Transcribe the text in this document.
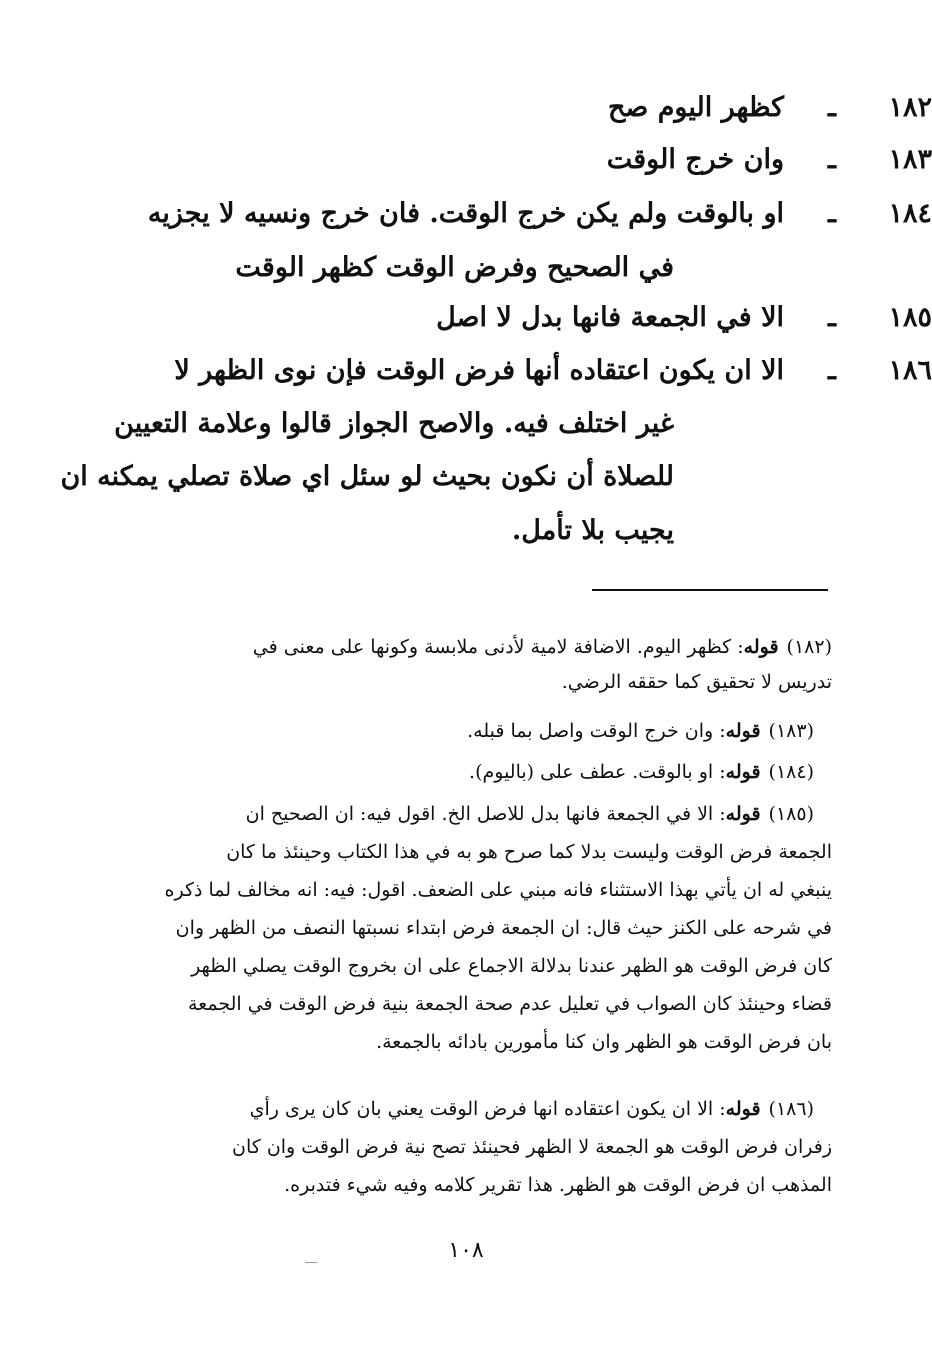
١٨٢
ـ
كظهر اليوم صح
١٨٣
ـ
وان خرج الوقت
١٨٤
ـ
او بالوقت ولم يكن خرج الوقت. فان خرج ونسيه لا يجزيه
في الصحيح وفرض الوقت كظهر الوقت
١٨٥
ـ
الا في الجمعة فانها بدل لا اصل
١٨٦
ـ
الا ان يكون اعتقاده أنها فرض الوقت فإن نوى الظهر لا
غير اختلف فيه. والاصح الجواز قالوا وعلامة التعيين
للصلاة أن نكون بحيث لو سئل اي صلاة تصلي يمكنه ان
يجيب بلا تأمل.
(١٨٢)قوله: كظهر اليوم. الاضافة لامية لأدنى ملابسة وكونها على معنى في
تدريس لا تحقيق كما حققه الرضي.
(١٨٣)قوله: وان خرج الوقت واصل بما قبله.
(١٨٤)قوله: او بالوقت. عطف على (باليوم).
(١٨٥)قوله: الا في الجمعة فانها بدل للاصل الخ. اقول فيه: ان الصحيح ان
الجمعة فرض الوقت وليست بدلا كما صرح هو به في هذا الكتاب وحينئذ ما كان
ينبغي له ان يأتي بهذا الاستثناء فانه مبني على الضعف. اقول: فيه: انه مخالف لما ذكره
في شرحه على الكنز حيث قال: ان الجمعة فرض ابتداء نسبتها النصف من الظهر وان
كان فرض الوقت هو الظهر عندنا بدلالة الاجماع على ان بخروج الوقت يصلي الظهر
قضاء وحينئذ كان الصواب في تعليل عدم صحة الجمعة بنية فرض الوقت في الجمعة
بان فرض الوقت هو الظهر وان كنا مأمورين بادائه بالجمعة.
(١٨٦)قوله: الا ان يكون اعتقاده انها فرض الوقت يعني بان كان يرى رأي
زفران فرض الوقت هو الجمعة لا الظهر فحينئذ تصح نية فرض الوقت وان كان
المذهب ان فرض الوقت هو الظهر. هذا تقرير كلامه وفيه شيء فتدبره.
١٠٨
